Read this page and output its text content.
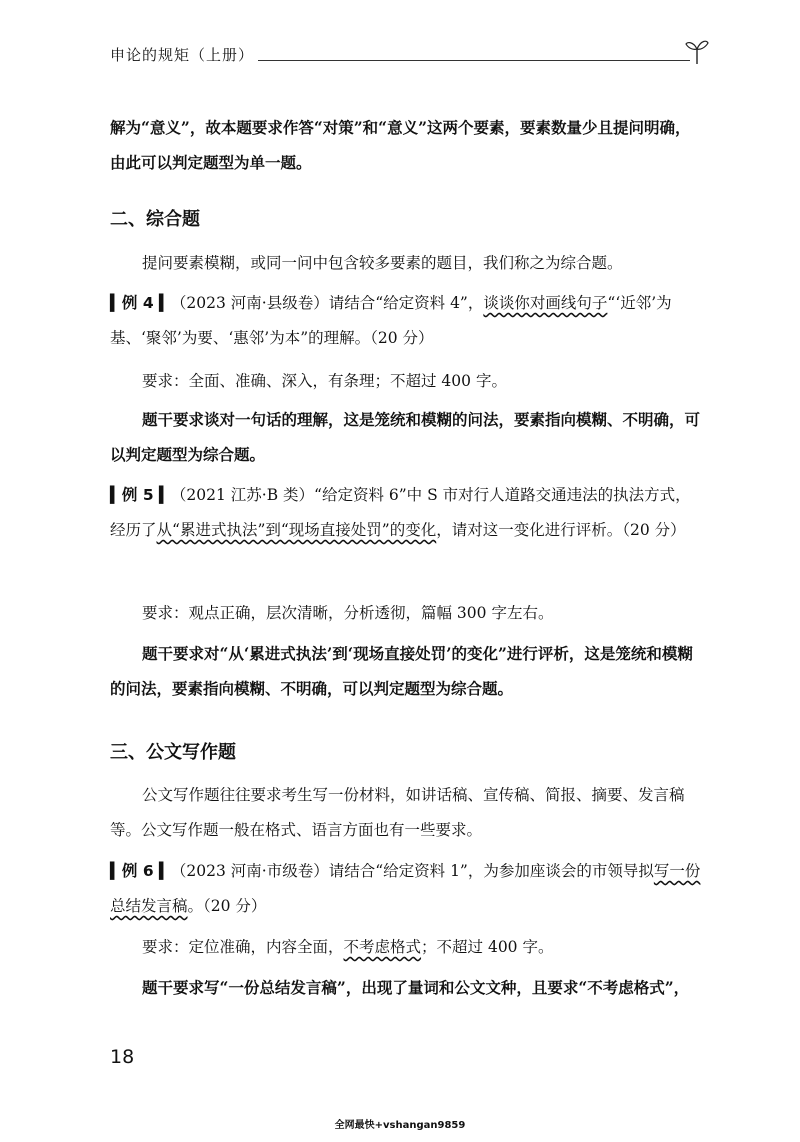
申论的规矩（上册）
解为“意义”，故本题要求作答“对策”和“意义”这两个要素，要素数量少且提问明确，由此可以判定题型为单一题。
二、综合题
提问要素模糊，或同一问中包含较多要素的题目，我们称之为综合题。
▍例 4 ▍（2023 河南·县级卷）请结合“给定资料 4”，谈谈你对画线句子“‘近邻’为基、‘聚邻’为要、‘惠邻’为本”的理解。（20 分）
要求：全面、准确、深入，有条理；不超过 400 字。
题干要求谈对一句话的理解，这是笼统和模糊的问法，要素指向模糊、不明确，可以判定题型为综合题。
▍例 5 ▍（2021 江苏·B 类）“给定资料 6”中 S 市对行人道路交通违法的执法方式，经历了从“累进式执法”到“现场直接处罚”的变化，请对这一变化进行评析。（20 分）
要求：观点正确，层次清晰，分析透彻，篇幅 300 字左右。
题干要求对“从‘累进式执法’到‘现场直接处罚’的变化”进行评析，这是笼统和模糊的问法，要素指向模糊、不明确，可以判定题型为综合题。
三、公文写作题
公文写作题往往要求考生写一份材料，如讲话稿、宣传稿、简报、摘要、发言稿等。公文写作题一般在格式、语言方面也有一些要求。
▍例 6 ▍（2023 河南·市级卷）请结合“给定资料 1”，为参加座谈会的市领导拟写一份总结发言稿。（20 分）
要求：定位准确，内容全面，不考虑格式；不超过 400 字。
题干要求写“一份总结发言稿”，出现了量词和公文文种，且要求“不考虑格式”，
18
全网最快+vshangan9859
